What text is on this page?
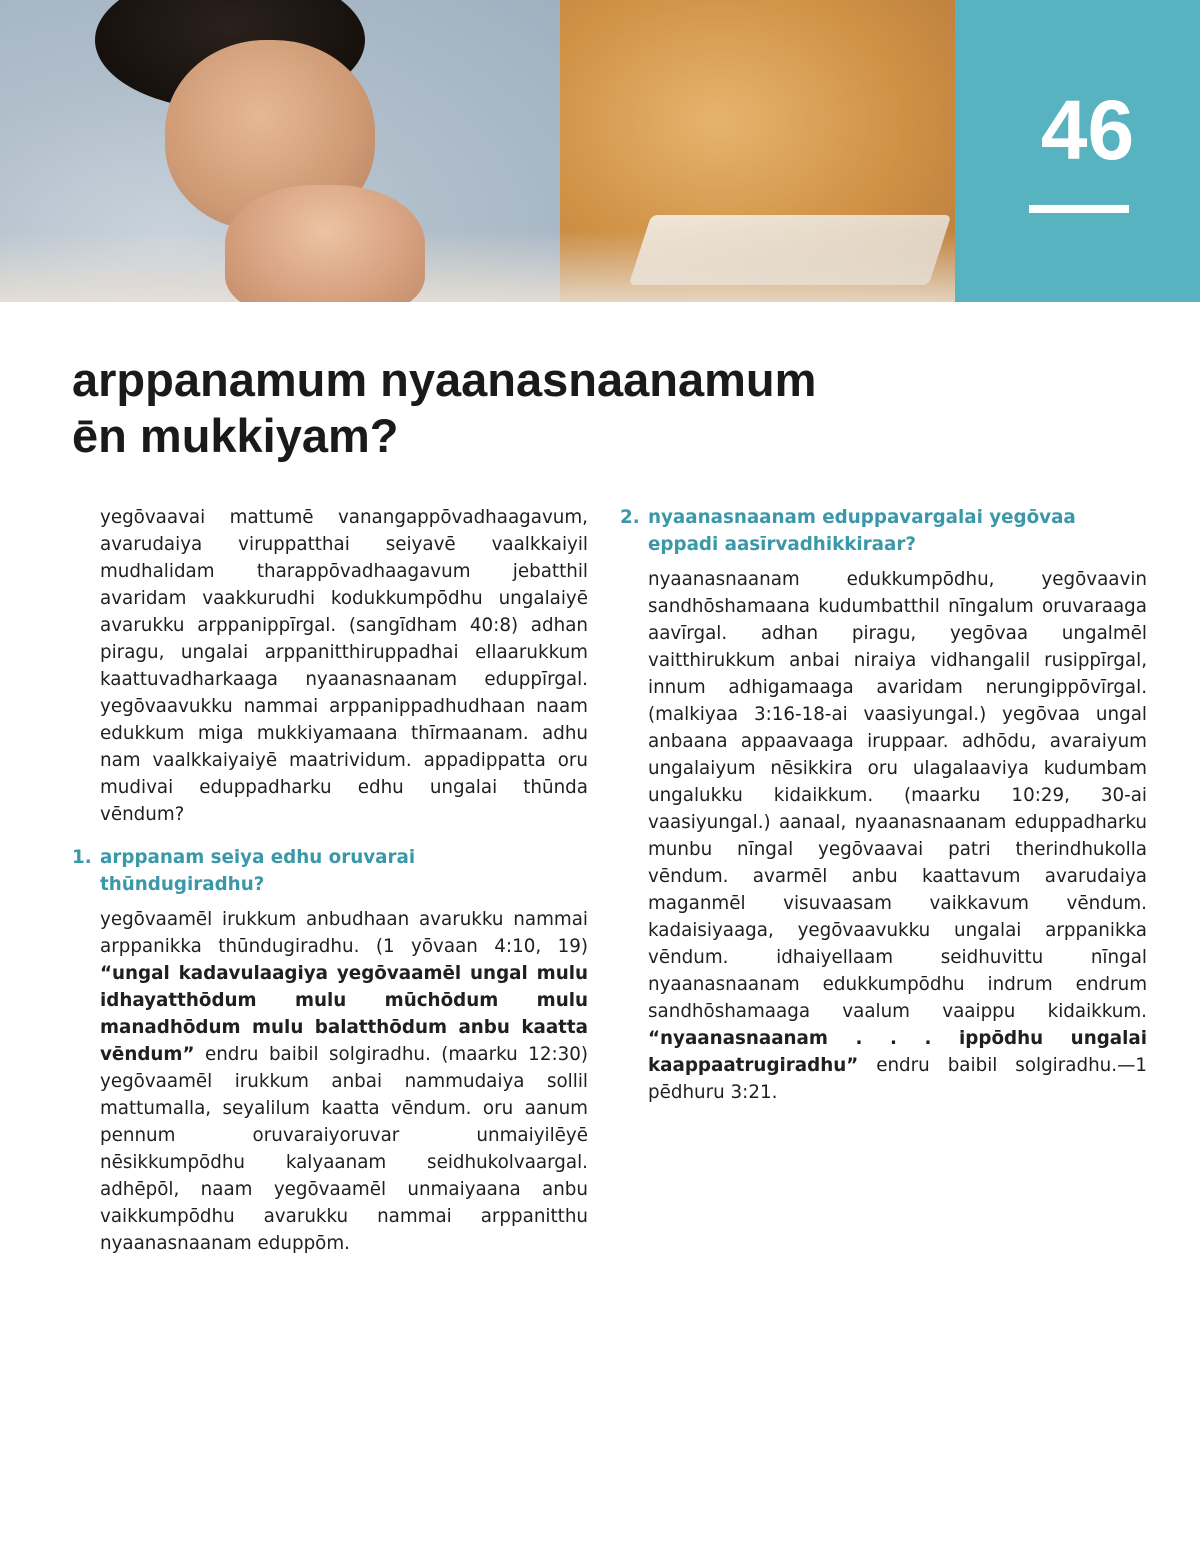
46
arppanamum nyaanasnaanamum
ēn mukkiyam?

yegōvaavai mattumē vanangappōvadhaagavum, avarudaiya viruppatthai seiyavē vaalkkaiyil mudhalidam tharappōvadhaagavum jebatthil avaridam vaakkurudhi kodukkumpōdhu ungalaiyē avarukku arppanippīrgal. (sangīdham 40:8) adhan piragu, ungalai arppanitthiruppadhai ellaarukkum kaattuvadharkaaga nyaanasnaanam eduppīrgal. yegōvaavukku nammai arppanippadhudhaan naam edukkum miga mukkiyamaana thīrmaanam. adhu nam vaalkkaiyaiyē maatrividum. appadippatta oru mudivai eduppadharku edhu ungalai thūnda vēndum?

1. arppanam seiya edhu oruvarai
thūndugiradhu?

yegōvaamēl irukkum anbudhaan avarukku nammai arppanikka thūndugiradhu. (1 yōvaan 4:10, 19) “ungal kadavulaagiya yegōvaamēl ungal mulu idhayatthōdum mulu mūchōdum mulu manadhōdum mulu balatthōdum anbu kaatta vēndum” endru baibil solgiradhu. (maarku 12:30) yegōvaamēl irukkum anbai nammudaiya sollil mattumalla, seyalilum kaatta vēndum. oru aanum pennum oruvaraiyoruvar unmaiyilēyē nēsikkumpōdhu kalyaanam seidhukolvaargal. adhēpōl, naam yegōvaamēl unmaiyaana anbu vaikkumpōdhu avarukku nammai arppanitthu nyaanasnaanam eduppōm.

2. nyaanasnaanam eduppavargalai yegōvaa
eppadi aasīrvadhikkiraar?

nyaanasnaanam edukkumpōdhu, yegōvaavin sandhōshamaana kudumbatthil nīngalum oruvaraaga aavīrgal. adhan piragu, yegōvaa ungalmēl vaitthirukkum anbai niraiya vidhangalil rusippīrgal, innum adhigamaaga avaridam nerungippōvīrgal. (malkiyaa 3:16-18-ai vaasiyungal.) yegōvaa ungal anbaana appaavaaga iruppaar. adhōdu, avaraiyum ungalaiyum nēsikkira oru ulagalaaviya kudumbam ungalukku kidaikkum. (maarku 10:29, 30-ai vaasiyungal.) aanaal, nyaanasnaanam eduppadharku munbu nīngal yegōvaavai patri therindhukolla vēndum. avarmēl anbu kaattavum avarudaiya maganmēl visuvaasam vaikkavum vēndum. kadaisiyaaga, yegōvaavukku ungalai arppanikka vēndum. idhaiyellaam seidhuvittu nīngal nyaanasnaanam edukkumpōdhu indrum endrum sandhōshamaaga vaalum vaaippu kidaikkum. “nyaanasnaanam . . . ippōdhu ungalai kaappaatrugiradhu” endru baibil solgiradhu.—1 pēdhuru 3:21.
